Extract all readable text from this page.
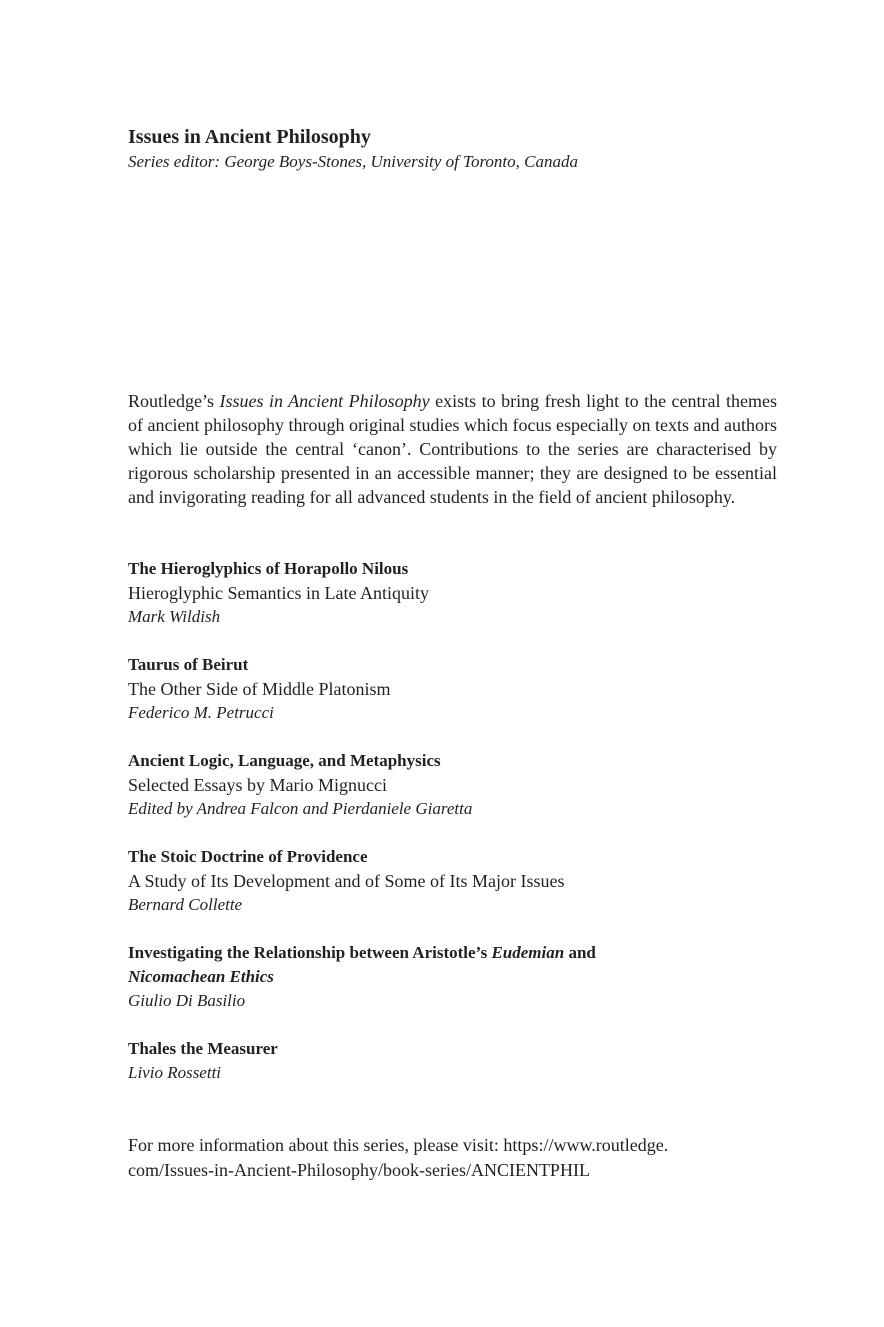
Issues in Ancient Philosophy

Series editor: George Boys-Stones, University of Toronto, Canada

Routledge’s Issues in Ancient Philosophy exists to bring fresh light to the central themes of ancient philosophy through original studies which focus especially on texts and authors which lie outside the central ‘canon’. Contributions to the series are characterised by rigorous scholarship presented in an accessible manner; they are designed to be essential and invigorating reading for all advanced students in the field of ancient philosophy.

The Hieroglyphics of Horapollo Nilous

Hieroglyphic Semantics in Late Antiquity

Mark Wildish

Taurus of Beirut

The Other Side of Middle Platonism

Federico M. Petrucci

Ancient Logic, Language, and Metaphysics

Selected Essays by Mario Mignucci

Edited by Andrea Falcon and Pierdaniele Giaretta

The Stoic Doctrine of Providence

A Study of Its Development and of Some of Its Major Issues

Bernard Collette

Investigating the Relationship between Aristotle’s Eudemian and

Nicomachean Ethics

Giulio Di Basilio

Thales the Measurer

Livio Rossetti

For more information about this series, please visit: https://www.routledge.
com/Issues-in-Ancient-Philosophy/book-series/ANCIENTPHIL
